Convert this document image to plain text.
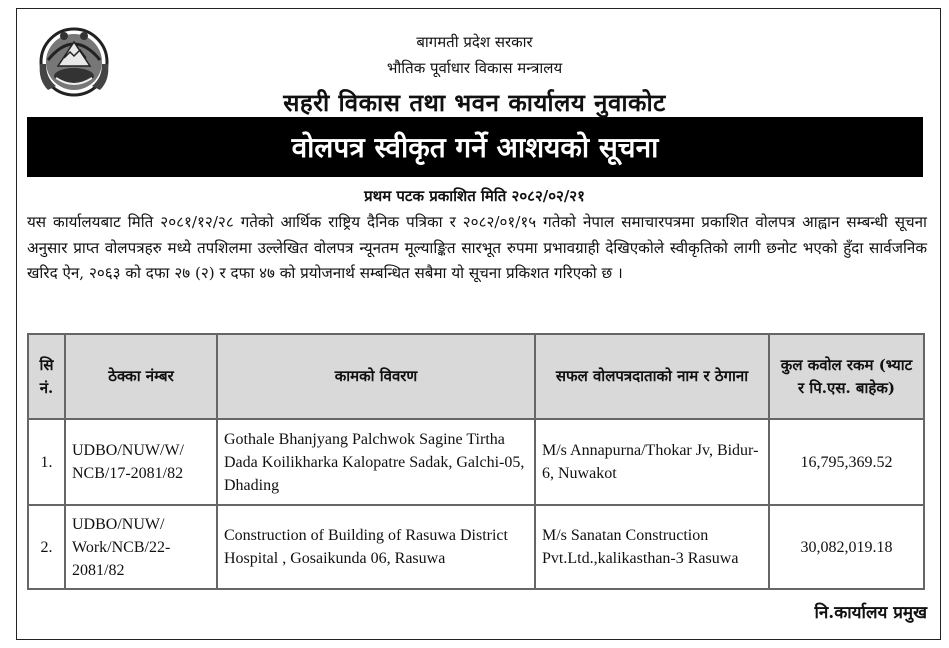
बागमती प्रदेश सरकार
भौतिक पूर्वाधार विकास मन्त्रालय
सहरी विकास तथा भवन कार्यालय नुवाकोट
वोलपत्र स्वीकृत गर्ने आशयको सूचना
प्रथम पटक प्रकाशित मिति २०८२/०२/२१
यस कार्यालयबाट मिति २०८१/१२/२८ गतेको आर्थिक राष्ट्रिय दैनिक पत्रिका र २०८२/०१/१५ गतेको नेपाल समाचारपत्रमा प्रकाशित वोलपत्र आह्वान सम्बन्धी सूचना अनुसार प्राप्त वोलपत्रहरु मध्ये तपशिलमा उल्लेखित वोलपत्र न्यूनतम मूल्याङ्कित सारभूत रुपमा प्रभावग्राही देखिएकोले स्वीकृतिको लागी छनोट भएको हुँदा सार्वजनिक खरिद ऐन, २०६३ को दफा २७ (२) र दफा ४७ को प्रयोजनार्थ सम्बन्धित सबैमा यो सूचना प्रकिशत गरिएको छ ।
सि नं.	ठेक्का नंम्बर	कामको विवरण	सफल वोलपत्रदाताको नाम र ठेगाना	कुल कवोल रकम (भ्याट र पि.एस. बाहेक)
1.	UDBO/NUW/W/ NCB/17-2081/82	Gothale Bhanjyang Palchwok Sagine Tirtha Dada Koilikharka Kalopatre Sadak, Galchi-05, Dhading	M/s Annapurna/Thokar Jv, Bidur-6, Nuwakot	16,795,369.52
2.	UDBO/NUW/ Work/NCB/22- 2081/82	Construction of Building of Rasuwa District Hospital , Gosaikunda 06, Rasuwa	M/s Sanatan Construction Pvt.Ltd.,kalikasthan-3 Rasuwa	30,082,019.18
नि.कार्यालय प्रमुख
